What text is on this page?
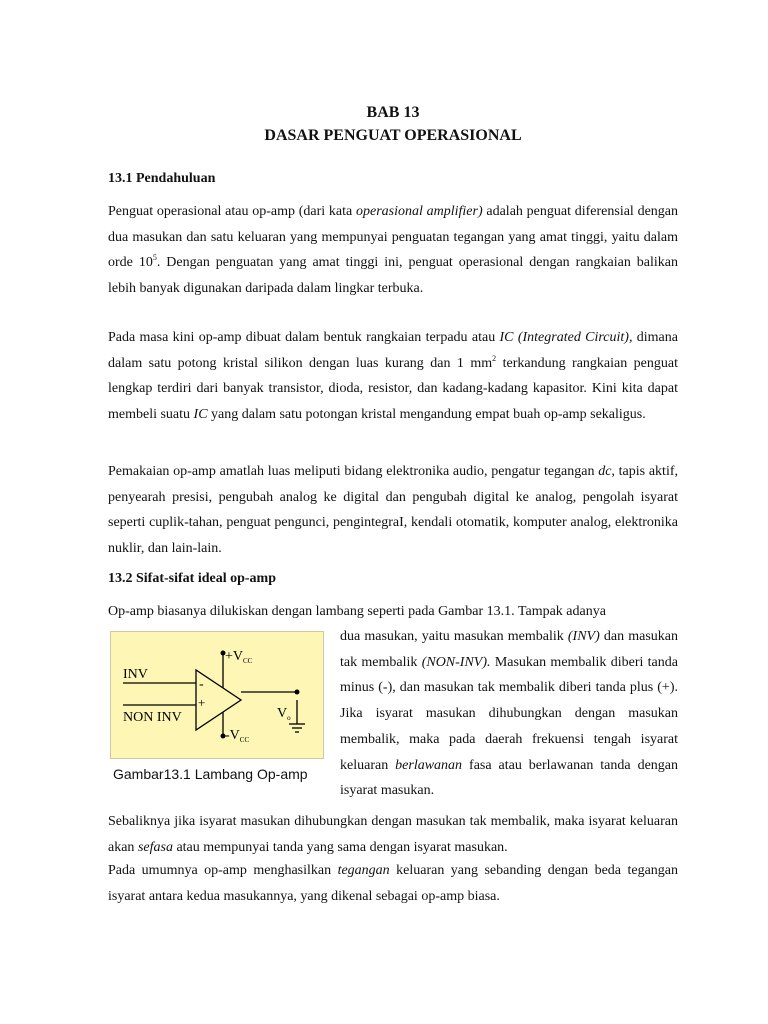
BAB 13
DASAR PENGUAT OPERASIONAL
13.1 Pendahuluan

Penguat operasional atau op-amp (dari kata operasional amplifier) adalah penguat diferensial dengan dua masukan dan satu keluaran yang mempunyai penguatan tegangan yang amat tinggi, yaitu dalam orde $10^5$. Dengan penguatan yang amat tinggi ini, penguat operasional dengan rangkaian balikan lebih banyak digunakan daripada dalam lingkar terbuka.

Pada masa kini op-amp dibuat dalam bentuk rangkaian terpadu atau IC (Integrated Circuit), dimana dalam satu potong kristal silikon dengan luas kurang dan 1 $mm^2$ terkandung rangkaian penguat lengkap terdiri dari banyak transistor, dioda, resistor, dan kadang-kadang kapasitor. Kini kita dapat membeli suatu IC yang dalam satu potongan kristal mengandung empat buah op-amp sekaligus.

Pemakaian op-amp amatlah luas meliputi bidang elektronika audio, pengatur tegangan dc, tapis aktif, penyearah presisi, pengubah analog ke digital dan pengubah digital ke analog, pengolah isyarat seperti cuplik-tahan, penguat pengunci, pengintegraI, kendali otomatik, komputer analog, elektronika nuklir, dan lain-lain.

13.2 Sifat-sifat ideal op-amp

Op-amp biasanya dilukiskan dengan lambang seperti pada Gambar 13.1. Tampak adanya

INV
NON INV
-
+
$+V_{CC}$
$-V_{CC}$
$V_o$

Gambar13.1 Lambang Op-amp

dua masukan, yaitu masukan membalik (INV) dan masukan tak membalik (NON-INV). Masukan membalik diberi tanda minus (-), dan masukan tak membalik diberi tanda plus (+). Jika isyarat masukan dihubungkan dengan masukan membalik, maka pada daerah frekuensi tengah isyarat keluaran berlawanan fasa atau berlawanan tanda dengan isyarat masukan.

Sebaliknya jika isyarat masukan dihubungkan dengan masukan tak membalik, maka isyarat keluaran akan sefasa atau mempunyai tanda yang sama dengan isyarat masukan.

Pada umumnya op-amp menghasilkan tegangan keluaran yang sebanding dengan beda tegangan isyarat antara kedua masukannya, yang dikenal sebagai op-amp biasa.
